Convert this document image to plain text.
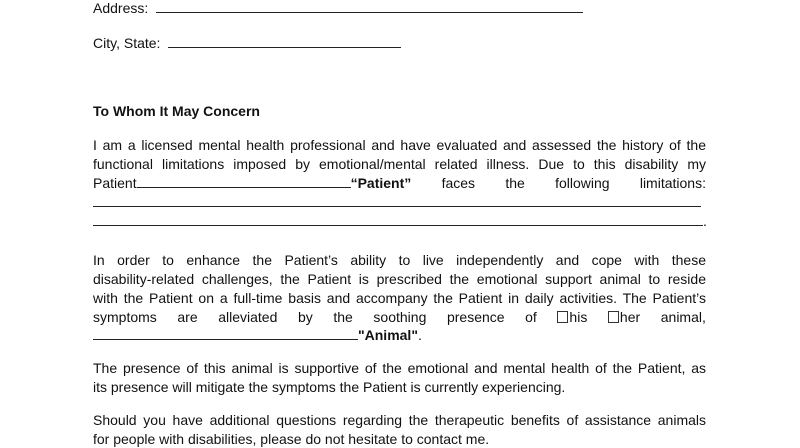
Address:
City, State:
To Whom It May Concern
I am a licensed mental health professional and have evaluated and assessed the history of the
functional limitations imposed by emotional/mental related illness. Due to this disability my
Patient	“Patient” faces the following limitations:
.
In order to enhance the Patient’s ability to live independently and cope with these
disability-related challenges, the Patient is prescribed the emotional support animal to reside
with the Patient on a full-time basis and accompany the Patient in daily activities. The Patient’s
symptoms are alleviated by the soothing presence of	his	her animal,
"Animal".
The presence of this animal is supportive of the emotional and mental health of the Patient, as
its presence will mitigate the symptoms the Patient is currently experiencing.
Should you have additional questions regarding the therapeutic benefits of assistance animals
for people with disabilities, please do not hesitate to contact me.
